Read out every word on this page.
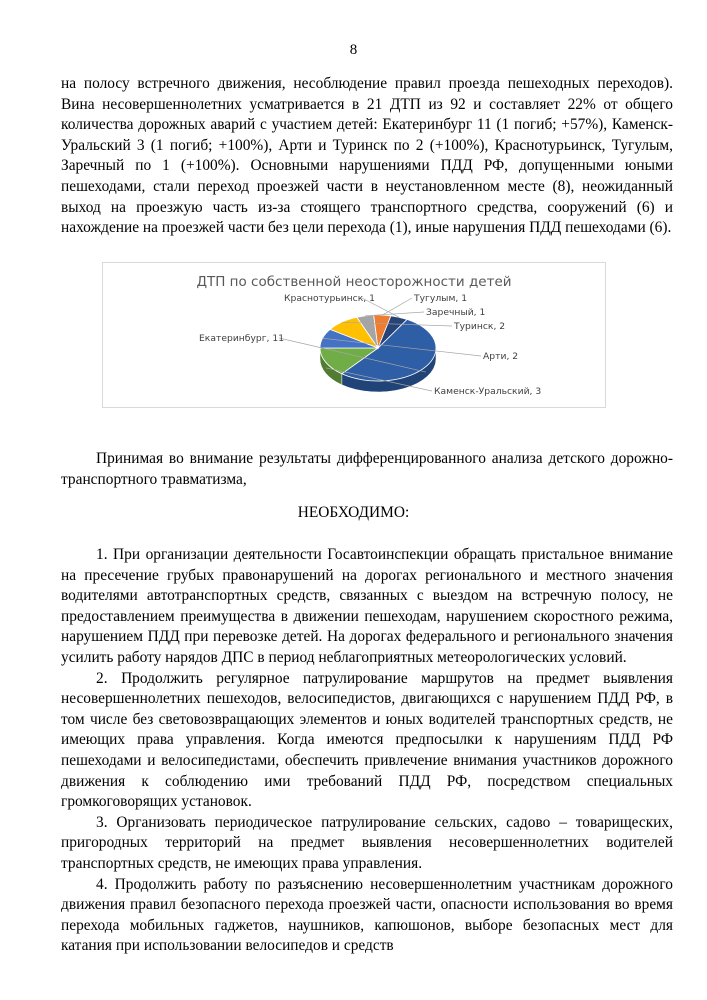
8

на полосу встречного движения, несоблюдение правил проезда пешеходных переходов). Вина несовершеннолетних усматривается в 21 ДТП из 92 и составляет 22% от общего количества дорожных аварий с участием детей: Екатеринбург 11 (1 погиб; +57%), Каменск-Уральский 3 (1 погиб; +100%), Арти и Туринск по 2 (+100%), Краснотурьинск, Тугулым, Заречный по 1 (+100%). Основными нарушениями ПДД РФ, допущенными юными пешеходами, стали переход проезжей части в неустановленном месте (8), неожиданный выход на проезжую часть из-за стоящего транспортного средства, сооружений (6) и нахождение на проезжей части без цели перехода (1), иные нарушения ПДД пешеходами (6).

ДТП по собственной неосторожности детей
Екатеринбург, 11
Каменск-Уральский, 3
Арти, 2
Туринск, 2
Заречный, 1
Тугулым, 1
Краснотурьинск, 1

Принимая во внимание результаты дифференцированного анализа детского дорожно-транспортного травматизма,

НЕОБХОДИМО:

1. При организации деятельности Госавтоинспекции обращать пристальное внимание на пресечение грубых правонарушений на дорогах регионального и местного значения водителями автотранспортных средств, связанных с выездом на встречную полосу, не предоставлением преимущества в движении пешеходам, нарушением скоростного режима, нарушением ПДД при перевозке детей. На дорогах федерального и регионального значения усилить работу нарядов ДПС в период неблагоприятных метеорологических условий.

2. Продолжить регулярное патрулирование маршрутов на предмет выявления несовершеннолетних пешеходов, велосипедистов, двигающихся с нарушением ПДД РФ, в том числе без световозвращающих элементов и юных водителей транспортных средств, не имеющих права управления. Когда имеются предпосылки к нарушениям ПДД РФ пешеходами и велосипедистами, обеспечить привлечение внимания участников дорожного движения к соблюдению ими требований ПДД РФ, посредством специальных громкоговорящих установок.

3. Организовать периодическое патрулирование сельских, садово – товарищеских, пригородных территорий на предмет выявления несовершеннолетних водителей транспортных средств, не имеющих права управления.

4. Продолжить работу по разъяснению несовершеннолетним участникам дорожного движения правил безопасного перехода проезжей части, опасности использования во время перехода мобильных гаджетов, наушников, капюшонов, выборе безопасных мест для катания при использовании велосипедов и средств
